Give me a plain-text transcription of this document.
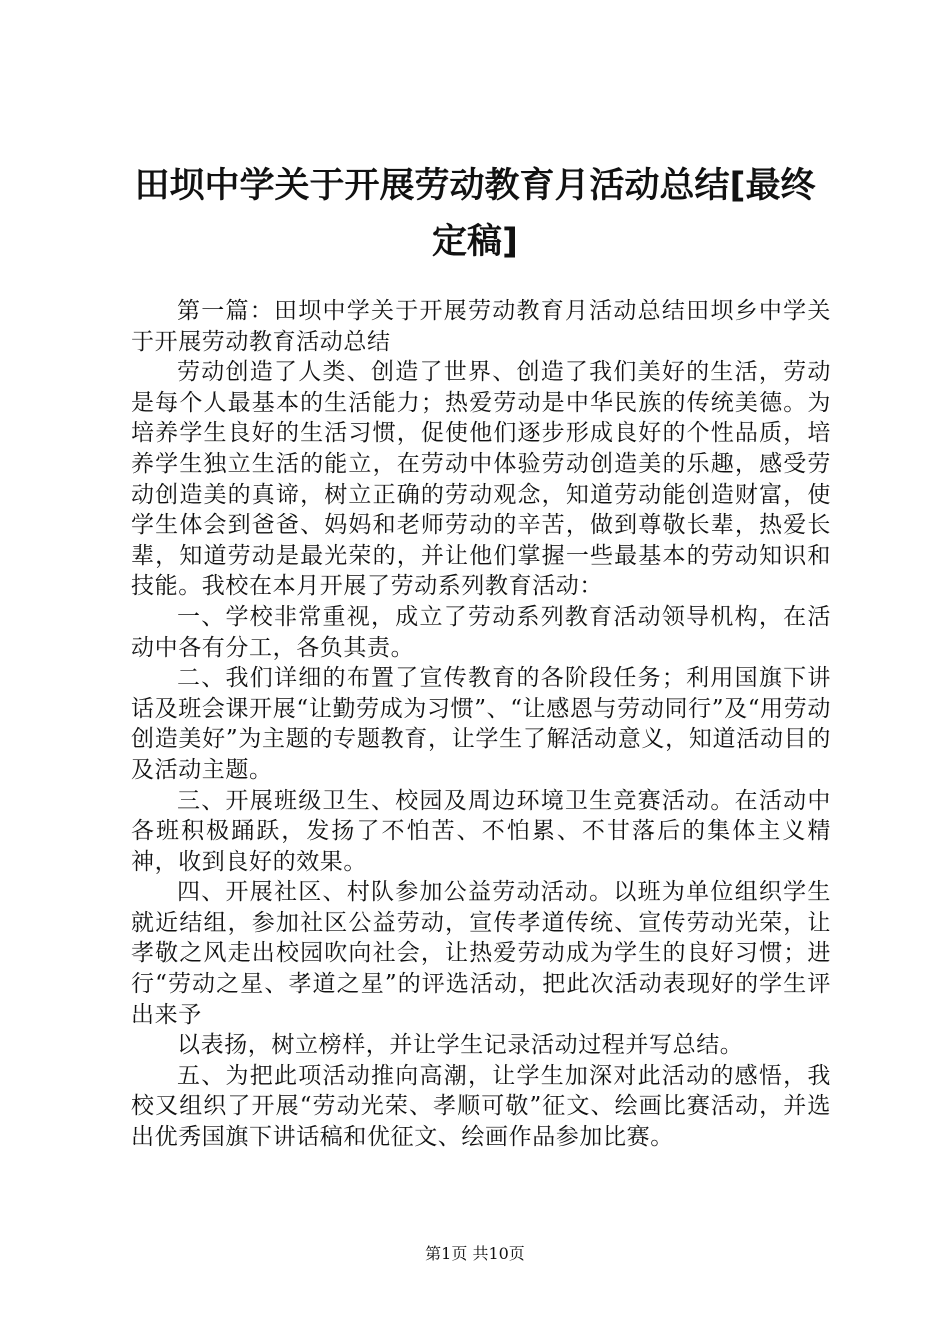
田坝中学关于开展劳动教育月活动总结[最终定稿]

第一篇：田坝中学关于开展劳动教育月活动总结田坝乡中学关于开展劳动教育活动总结

劳动创造了人类、创造了世界、创造了我们美好的生活，劳动是每个人最基本的生活能力；热爱劳动是中华民族的传统美德。为培养学生良好的生活习惯，促使他们逐步形成良好的个性品质，培养学生独立生活的能立，在劳动中体验劳动创造美的乐趣，感受劳动创造美的真谛，树立正确的劳动观念，知道劳动能创造财富，使学生体会到爸爸、妈妈和老师劳动的辛苦，做到尊敬长辈，热爱长辈，知道劳动是最光荣的，并让他们掌握一些最基本的劳动知识和技能。我校在本月开展了劳动系列教育活动：

一、学校非常重视，成立了劳动系列教育活动领导机构，在活动中各有分工，各负其责。

二、我们详细的布置了宣传教育的各阶段任务；利用国旗下讲话及班会课开展“让勤劳成为习惯”、“让感恩与劳动同行”及“用劳动创造美好”为主题的专题教育，让学生了解活动意义，知道活动目的及活动主题。

三、开展班级卫生、校园及周边环境卫生竞赛活动。在活动中各班积极踊跃，发扬了不怕苦、不怕累、不甘落后的集体主义精神，收到良好的效果。

四、开展社区、村队参加公益劳动活动。以班为单位组织学生就近结组，参加社区公益劳动，宣传孝道传统、宣传劳动光荣，让孝敬之风走出校园吹向社会，让热爱劳动成为学生的良好习惯；进行“劳动之星、孝道之星”的评选活动，把此次活动表现好的学生评出来予

以表扬，树立榜样，并让学生记录活动过程并写总结。

五、为把此项活动推向高潮，让学生加深对此活动的感悟，我校又组织了开展“劳动光荣、孝顺可敬”征文、绘画比赛活动，并选出优秀国旗下讲话稿和优征文、绘画作品参加比赛。

第1页 共10页
